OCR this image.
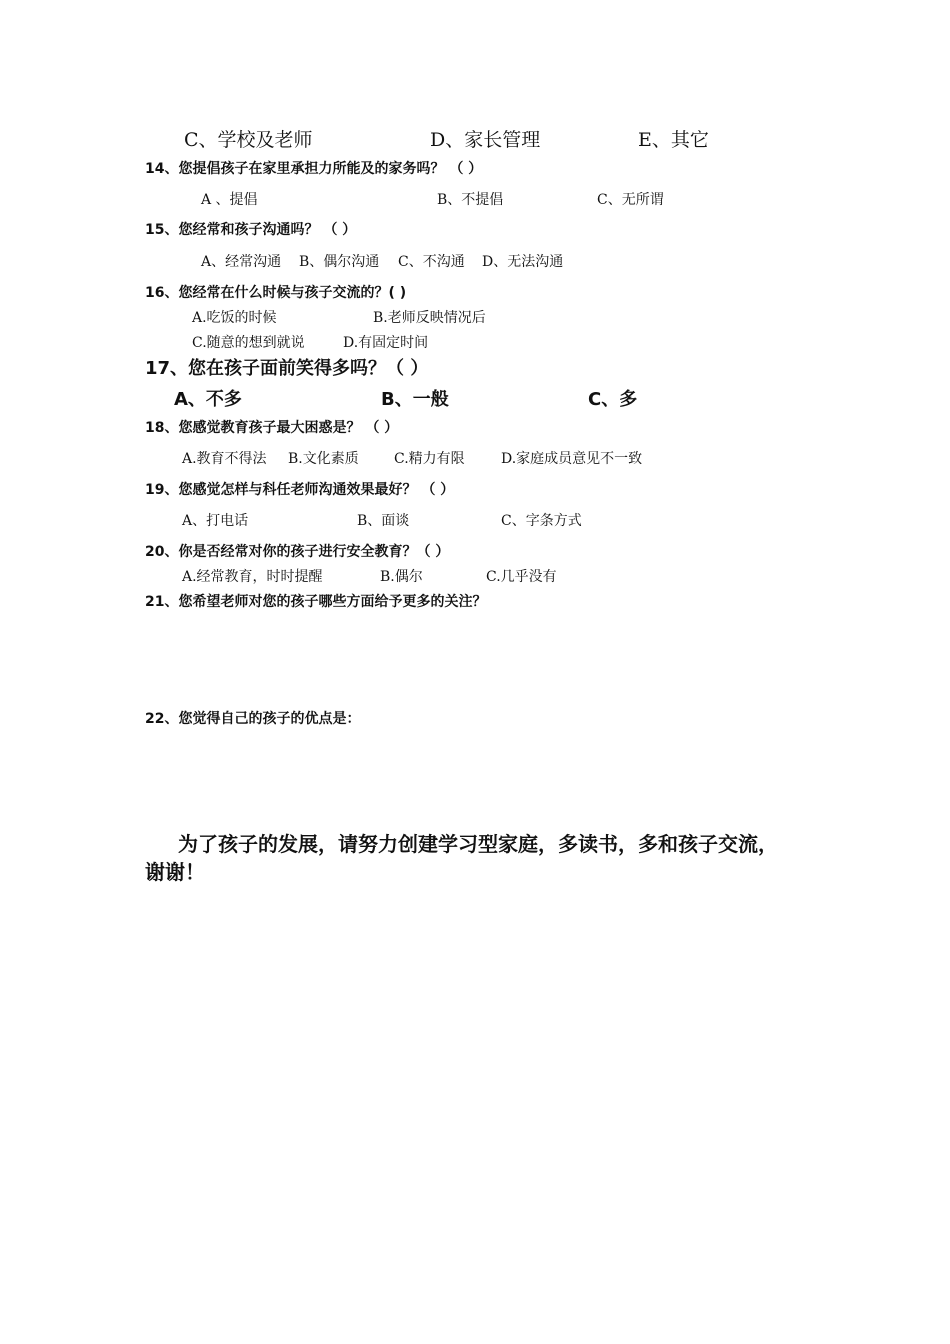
C、学校及老师	D、家长管理	E、其它
14、您提倡孩子在家里承担力所能及的家务吗？ （ ）
A 、提倡	B、不提倡	C、无所谓
15、您经常和孩子沟通吗？ （ ）
A、经常沟通 B、偶尔沟通 C、不沟通 D、无法沟通
16、您经常在什么时候与孩子交流的？( )
A.吃饭的时候	B.老师反映情况后
C.随意的想到就说	D.有固定时间
17、您在孩子面前笑得多吗？（ ）
A、不多	B、一般	C、多
18、您感觉教育孩子最大困惑是？ （ ）
A.教育不得法 B.文化素质	C.精力有限	D.家庭成员意见不一致
19、您感觉怎样与科任老师沟通效果最好？ （ ）
A、打电话	B、面谈	C、字条方式
20、你是否经常对你的孩子进行安全教育？（ ）
A.经常教育，时时提醒	B.偶尔	C.几乎没有
21、您希望老师对您的孩子哪些方面给予更多的关注？
22、您觉得自己的孩子的优点是：
为了孩子的发展，请努力创建学习型家庭，多读书，多和孩子交流，
谢谢！
